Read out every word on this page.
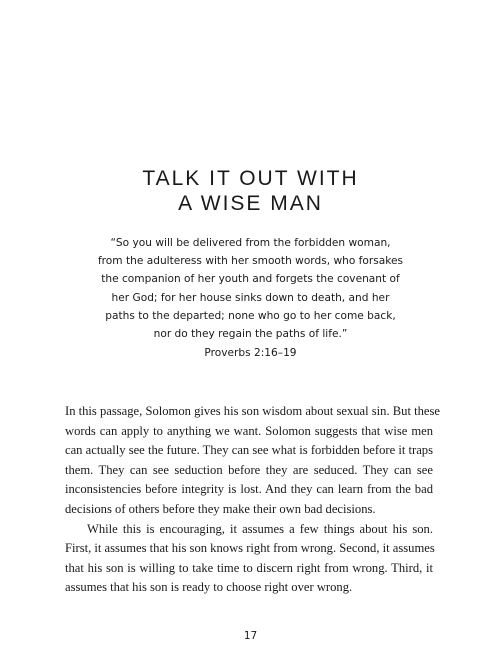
TALK IT OUT WITH
A WISE MAN
“So you will be delivered from the forbidden woman,
from the adulteress with her smooth words, who forsakes
the companion of her youth and forgets the covenant of
her God; for her house sinks down to death, and her
paths to the departed; none who go to her come back,
nor do they regain the paths of life.”
Proverbs 2:16–19
In this passage, Solomon gives his son wisdom about sexual sin. But these
words can apply to anything we want. Solomon suggests that wise men
can actually see the future. They can see what is forbidden before it traps
them. They can see seduction before they are seduced. They can see
inconsistencies before integrity is lost. And they can learn from the bad
decisions of others before they make their own bad decisions.
While this is encouraging, it assumes a few things about his son.
First, it assumes that his son knows right from wrong. Second, it assumes
that his son is willing to take time to discern right from wrong. Third, it
assumes that his son is ready to choose right over wrong.
17
